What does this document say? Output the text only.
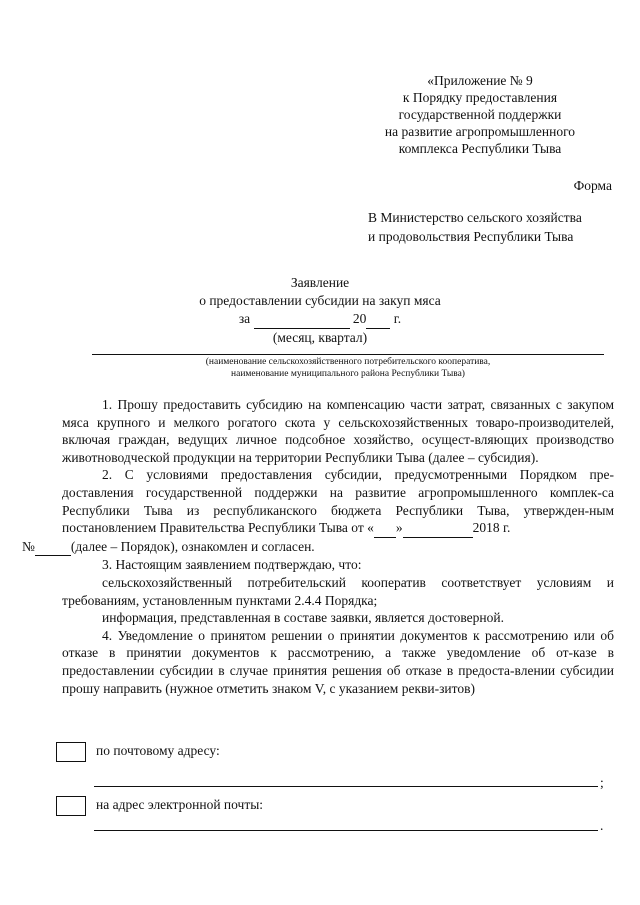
«Приложение № 9
к Порядку предоставления
государственной поддержки
на развитие агропромышленного
комплекса Республики Тыва
Форма
В Министерство сельского хозяйства
и продовольствия Республики Тыва
Заявление
о предоставлении субсидии на закуп мяса
за	20 г.
(месяц, квартал)
(наименование сельскохозяйственного потребительского кооператива,
наименование муниципального района Республики Тыва)

1. Прошу предоставить субсидию на компенсацию части затрат, связанных с закупом мяса крупного и мелкого рогатого скота у сельскохозяйственных товаро-производителей, включая граждан, ведущих личное подсобное хозяйство, осущест-вляющих производство животноводческой продукции на территории Республики Тыва (далее – субсидия).

2. С условиями предоставления субсидии, предусмотренными Порядком пре-доставления государственной поддержки на развитие агропромышленного комплек-са Республики Тыва из республиканского бюджета Республики Тыва, утвержден-ным постановлением Правительства Республики Тыва от « »	2018 г.
№	(далее – Порядок), ознакомлен и согласен.

3. Настоящим заявлением подтверждаю, что:

сельскохозяйственный потребительский кооператив соответствует условиям и требованиям, установленным пунктами 2.4.4 Порядка;

информация, представленная в составе заявки, является достоверной.

4. Уведомление о принятом решении о принятии документов к рассмотрению или об отказе в принятии документов к рассмотрению, а также уведомление об от-казе в предоставлении субсидии в случае принятия решения об отказе в предоста-влении субсидии прошу направить (нужное отметить знаком V, с указанием рекви-зитов)

по почтовому адресу:
;
на адрес электронной почты:
.
